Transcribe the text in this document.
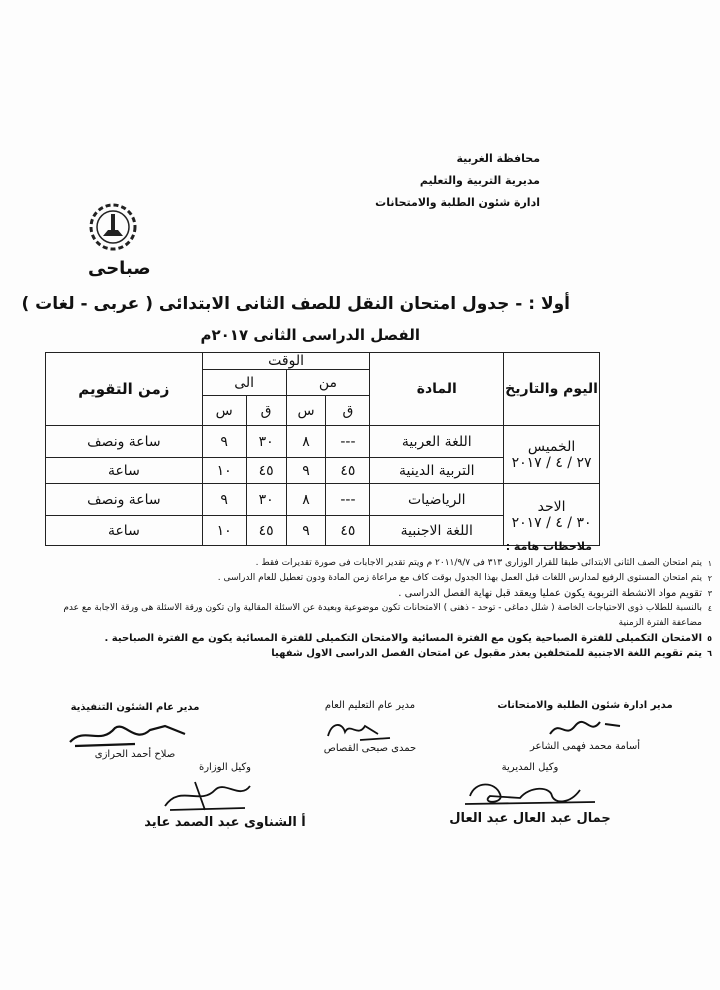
محافظة الغربية
مديرية التربية والتعليم
ادارة شئون الطلبة والامتحانات
صباحى
أولا : - جدول امتحان النقل للصف الثانى الابتدائى ( عربى - لغات )
الفصل الدراسى الثانى ٢٠١٧م
اليوم والتاريخ	المادة	الوقت				زمن التقويم
		من		الى		
		ق	س	ق	س	

الخميس
٢٧ / ٤ / ٢٠١٧	اللغة العربية	---	٨	٣٠	٩	ساعة ونصف
	التربية الدينية	٤٥	٩	٤٥	١٠	ساعة

الاحد
٣٠ / ٤ / ٢٠١٧	الرياضيات	---	٨	٣٠	٩	ساعة ونصف
	اللغة الاجنبية	٤٥	٩	٤٥	١٠	ساعة
ملاحظات هامة :
١
يتم امتحان الصف الثانى الابتدائى طبقا للقرار الوزارى ٣١٣ فى ٢٠١١/٩/٧ م ويتم تقدير الاجابات فى صورة تقديرات فقط .
٢
يتم امتحان المستوى الرفيع لمدارس اللغات قبل العمل بهذا الجدول بوقت كاف مع مراعاة زمن المادة ودون تعطيل للعام الدراسى .
٣
تقويم مواد الانشطة التربوية يكون عمليا ويعقد قبل نهاية الفصل الدراسى .
٤
بالنسبة للطلاب ذوى الاحتياجات الخاصة ( شلل دماغى - توحد - ذهنى ) الامتحانات تكون موضوعية وبعيدة عن الاسئلة المقالية وان تكون ورقة الاسئلة هى ورقة الاجابة مع عدم مضاعفة الفترة الزمنية
٥
الامتحان التكميلى للفترة الصباحية يكون مع الفترة المسائية والامتحان التكميلى للفترة المسائية يكون مع الفترة الصباحية .
٦
يتم تقويم اللغة الاجنبية للمتخلفين بعذر مقبول عن امتحان الفصل الدراسى الاول شفهيا
مدير ادارة شئون الطلبة والامتحانات
أسامة محمد فهمى الشاعر
مدير عام التعليم العام
حمدى صبحى القصاص
مدير عام الشئون التنفيذية
صلاح أحمد الحرازى
وكيل المديرية
جمال عبد العال عبد العال
وكيل الوزارة
أ الشناوى عبد الصمد عايد
